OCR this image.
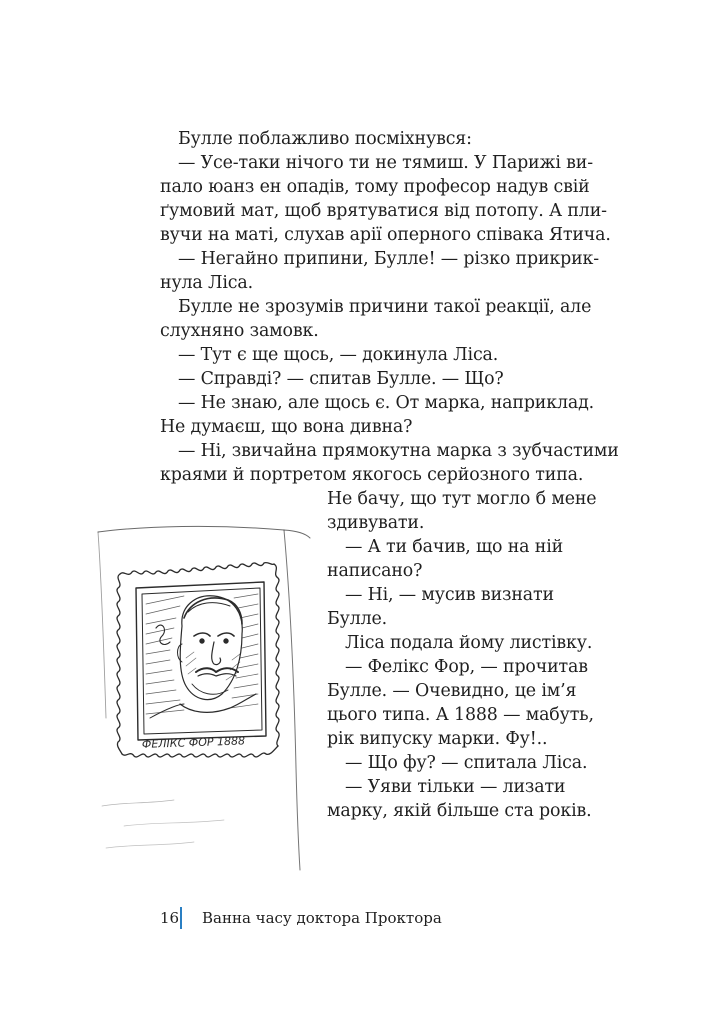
Булле поблажливо посміхнувся:
— Усе-таки нічого ти не тямиш. У Парижі ви-
пало юанз ен опадів, тому професор надув свій
ґумовий мат, щоб врятуватися від потопу. А пли-
вучи на маті, слухав арії оперного співака Ятича.
— Негайно припини, Булле! — різко прикрик-
нула Ліса.
Булле не зрозумів причини такої реакції, але
слухняно замовк.
— Тут є ще щось, — докинула Ліса.
— Справді? — спитав Булле. — Що?
— Не знаю, але щось є. От марка, наприклад.
Не думаєш, що вона дивна?
— Ні, звичайна прямокутна марка з зубчастими
краями й портретом якогось серйозного типа.
Не бачу, що тут могло б мене
здивувати.
— А ти бачив, що на ній
написано?
— Ні, — мусив визнати
Булле.
Ліса подала йому листівку.
— Фелікс Фор, — прочитав
Булле. — Очевидно, це ім’я
цього типа. А 1888 — мабуть,
рік випуску марки. Фу!..
— Що фу? — спитала Ліса.
— Уяви тільки — лизати
марку, якій більше ста років.
ФЕЛІКС ФОР 1888
16 Ванна часу доктора Проктора
